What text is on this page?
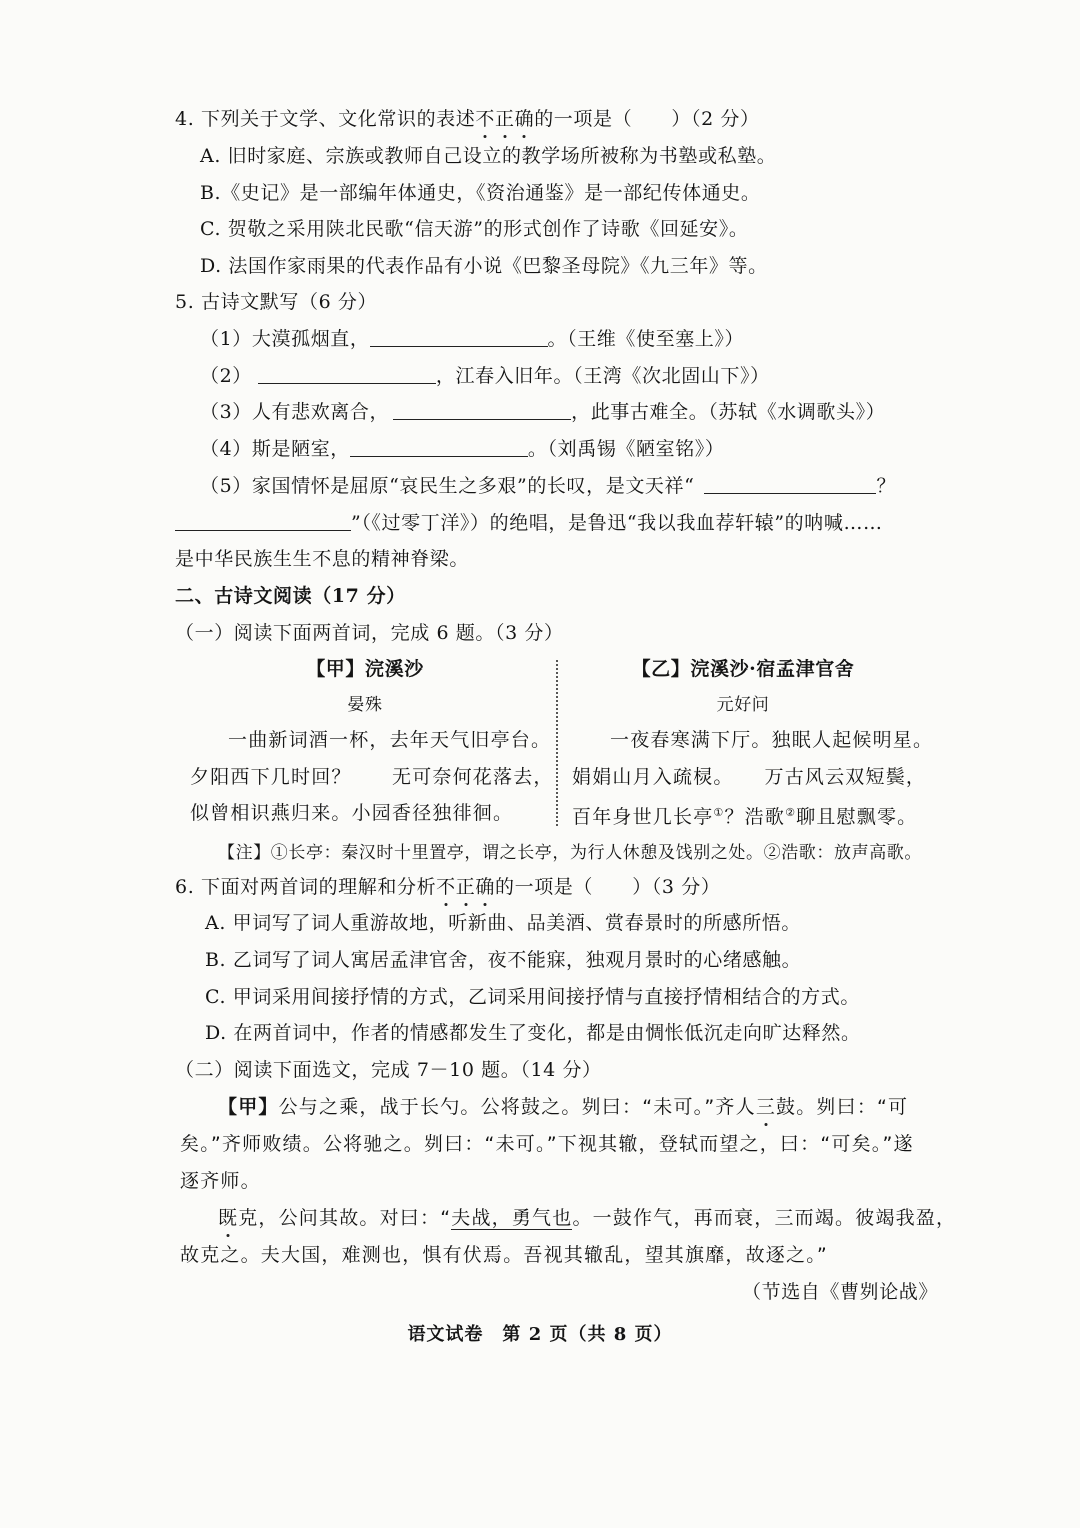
4. 下列关于文学、文化常识的表述不正确的一项是（　　）（2 分）
A. 旧时家庭、宗族或教师自己设立的教学场所被称为书塾或私塾。
B.《史记》是一部编年体通史，《资治通鉴》是一部纪传体通史。
C. 贺敬之采用陕北民歌“信天游”的形式创作了诗歌《回延安》。
D. 法国作家雨果的代表作品有小说《巴黎圣母院》《九三年》等。
5. 古诗文默写（6 分）
（1）大漠孤烟直，	。（王维《使至塞上》）
（2）	，江春入旧年。（王湾《次北固山下》）
（3）人有悲欢离合，	，此事古难全。（苏轼《水调歌头》）
（4）斯是陋室，	。（刘禹锡《陋室铭》）
（5）家国情怀是屈原“哀民生之多艰”的长叹，是文天祥“	？
”（《过零丁洋》）的绝唱，是鲁迅“我以我血荐轩辕”的呐喊……
是中华民族生生不息的精神脊梁。
二、古诗文阅读（17 分）
（一）阅读下面两首词，完成 6 题。（3 分）
【甲】浣溪沙
晏殊
一曲新词酒一杯，去年天气旧亭台。
夕阳西下几时回？　　无可奈何花落去，
似曾相识燕归来。小园香径独徘徊。
【乙】浣溪沙·宿孟津官舍
元好问
一夜春寒满下厅。独眠人起候明星。
娟娟山月入疏棂。　　万古风云双短鬓，
百年身世几长亭①？浩歌②聊且慰飘零。
【注】①长亭：秦汉时十里置亭，谓之长亭，为行人休憩及饯别之处。②浩歌：放声高歌。
6. 下面对两首词的理解和分析不正确的一项是（　　）（3 分）
A. 甲词写了词人重游故地，听新曲、品美酒、赏春景时的所感所悟。
B. 乙词写了词人寓居孟津官舍，夜不能寐，独观月景时的心绪感触。
C. 甲词采用间接抒情的方式，乙词采用间接抒情与直接抒情相结合的方式。
D. 在两首词中，作者的情感都发生了变化，都是由惆怅低沉走向旷达释然。
（二）阅读下面选文，完成 7－10 题。（14 分）
【甲】公与之乘，战于长勺。公将鼓之。刿曰：“未可。”齐人三鼓。刿曰：“可
矣。”齐师败绩。公将驰之。刿曰：“未可。”下视其辙，登轼而望之，曰：“可矣。”遂
逐齐师。
既克，公问其故。对曰：“夫战，勇气也。一鼓作气，再而衰，三而竭。彼竭我盈，
故克之。夫大国，难测也，惧有伏焉。吾视其辙乱，望其旗靡，故逐之。”
（节选自《曹刿论战》
语文试卷　第 2 页（共 8 页）
